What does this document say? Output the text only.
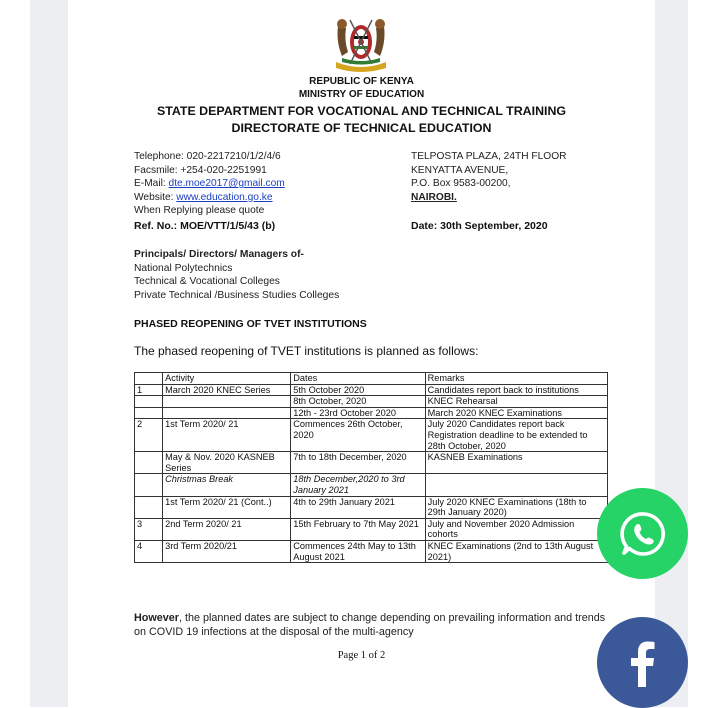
REPUBLIC OF KENYA
MINISTRY OF EDUCATION
STATE DEPARTMENT FOR VOCATIONAL AND TECHNICAL TRAINING
DIRECTORATE OF TECHNICAL EDUCATION
Telephone: 020-2217210/1/2/4/6
Facsmile: +254-020-2251991
E-Mail: dte.moe2017@gmail.com
Website: www.education.go.ke
When Replying please quote
TELPOSTA PLAZA, 24TH FLOOR
KENYATTA AVENUE,
P.O. Box 9583-00200,
NAIROBI.
Ref. No.: MOE/VTT/1/5/43 (b)	Date: 30th September, 2020
Principals/ Directors/ Managers of-
National Polytechnics
Technical & Vocational Colleges
Private Technical /Business Studies Colleges
PHASED REOPENING OF TVET INSTITUTIONS
The phased reopening of TVET institutions is planned as follows:
	Activity	Dates	Remarks
1	March 2020 KNEC Series	5th October 2020	Candidates report back to institutions
		8th October, 2020	KNEC Rehearsal
		12th - 23rd October 2020	March 2020 KNEC Examinations
2	1st Term 2020/ 21	Commences 26th October, 2020	July 2020 Candidates report back Registration deadline to be extended to 28th October, 2020
	May & Nov. 2020 KASNEB Series	7th to 18th December, 2020	KASNEB Examinations
	Christmas Break	18th December,2020 to 3rd January 2021	
	1st Term 2020/ 21 (Cont..)	4th to 29th January 2021	July 2020 KNEC Examinations (18th to 29th January 2020)
3	2nd Term 2020/ 21	15th February to 7th May 2021	July and November 2020 Admission cohorts
4	3rd Term 2020/21	Commences 24th May to 13th August 2021	KNEC Examinations (2nd to 13th August 2021)
However, the planned dates are subject to change depending on prevailing information and trends on COVID 19 infections at the disposal of the multi-agency
Page 1 of 2
